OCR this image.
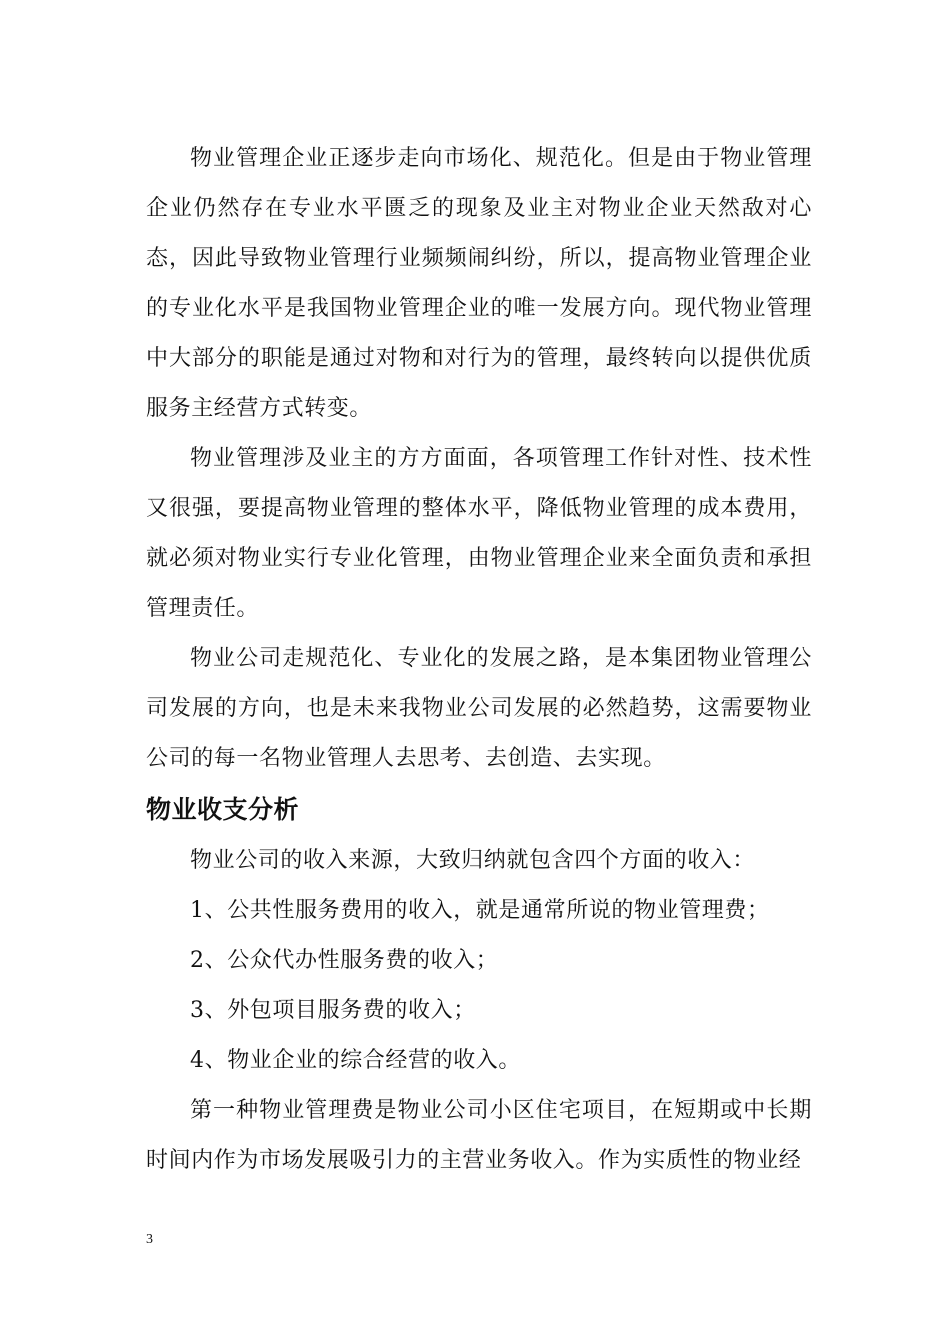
物业管理企业正逐步走向市场化、规范化。但是由于物业管理企业仍然存在专业水平匮乏的现象及业主对物业企业天然敌对心态，因此导致物业管理行业频频闹纠纷，所以，提高物业管理企业的专业化水平是我国物业管理企业的唯一发展方向。现代物业管理中大部分的职能是通过对物和对行为的管理，最终转向以提供优质服务主经营方式转变。

物业管理涉及业主的方方面面，各项管理工作针对性、技术性又很强，要提高物业管理的整体水平，降低物业管理的成本费用，就必须对物业实行专业化管理，由物业管理企业来全面负责和承担管理责任。

物业公司走规范化、专业化的发展之路，是本集团物业管理公司发展的方向，也是未来我物业公司发展的必然趋势，这需要物业公司的每一名物业管理人去思考、去创造、去实现。

物业收支分析

物业公司的收入来源，大致归纳就包含四个方面的收入：

1、公共性服务费用的收入，就是通常所说的物业管理费；

2、公众代办性服务费的收入；

3、外包项目服务费的收入；

4、物业企业的综合经营的收入。

第一种物业管理费是物业公司小区住宅项目，在短期或中长期时间内作为市场发展吸引力的主营业务收入。作为实质性的物业经

3
